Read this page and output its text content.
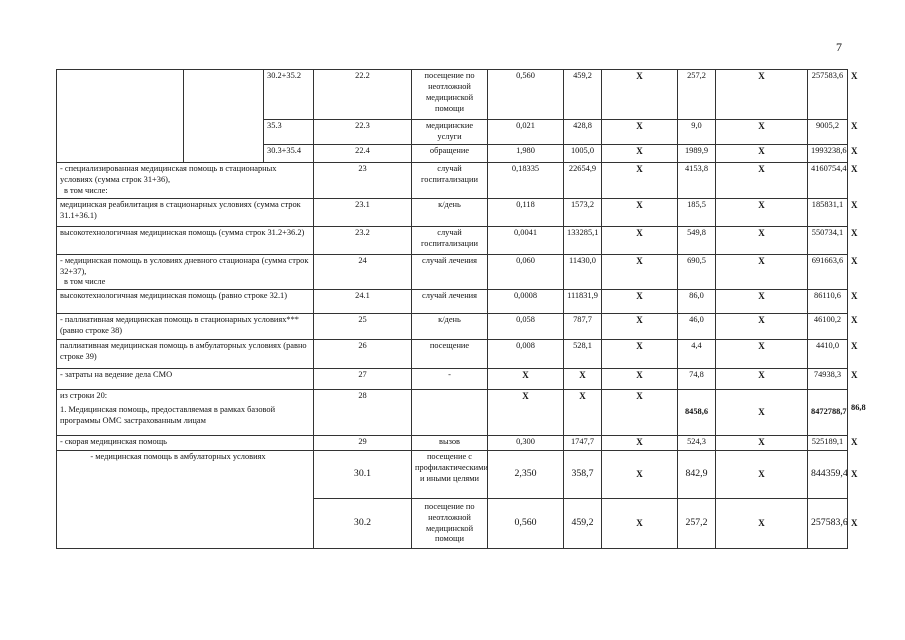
7
		30.2+35.2	22.2	посещение по неотложной медицинской помощи	0,560	459,2	X	257,2	X	257583,6	X
		35.3	22.3	медицинские услуги	0,021	428,8	X	9,0	X	9005,2	X
		30.3+35.4	22.4	обращение	1,980	1005,0	X	1989,9	X	1993238,6	X

- специализированная медицинская помощь в стационарных условиях (сумма строк 31+36),
в том числе:			23	случай госпитализации	0,18335	22654,9	X	4153,8	X	4160754,4	X
медицинская реабилитация в стационарных условиях (сумма строк 31.1+36.1)			23.1	к/день	0,118	1573,2	X	185,5	X	185831,1	X
высокотехнологичная медицинская помощь (сумма строк 31.2+36.2)			23.2	случай госпитализации	0,0041	133285,1	X	549,8	X	550734,1	X

- медицинская помощь в условиях дневного стационара (сумма строк 32+37),
в том числе			24	случай лечения	0,060	11430,0	X	690,5	X	691663,6	X
высокотехнологичная медицинская помощь (равно строке 32.1)			24.1	случай лечения	0,0008	111831,9	X	86,0	X	86110,6	X
- паллиативная медицинская помощь в стационарных условиях*** (равно строке 38)			25	к/день	0,058	787,7	X	46,0	X	46100,2	X
паллиативная медицинская помощь в амбулаторных условиях (равно строке 39)			26	посещение	0,008	528,1	X	4,4	X	4410,0	X
- затраты на ведение дела СМО			27	-	X	X	X	74,8	X	74938,3	X

из строки 20:
1. Медицинская помощь, предоставляемая в рамках базовой программы ОМС застрахованным лицам			28		X	X	X	8458,6	X	8472788,7	86,8
- скорая медицинская помощь			29	вызов	0,300	1747,7	X	524,3	X	525189,1	X
- медицинская помощь в амбулаторных условиях			30.1	посещение с профилактическими и иными целями	2,350	358,7	X	842,9	X	844359,4	X
			30.2	посещение по неотложной медицинской помощи	0,560	459,2	X	257,2	X	257583,6	X
